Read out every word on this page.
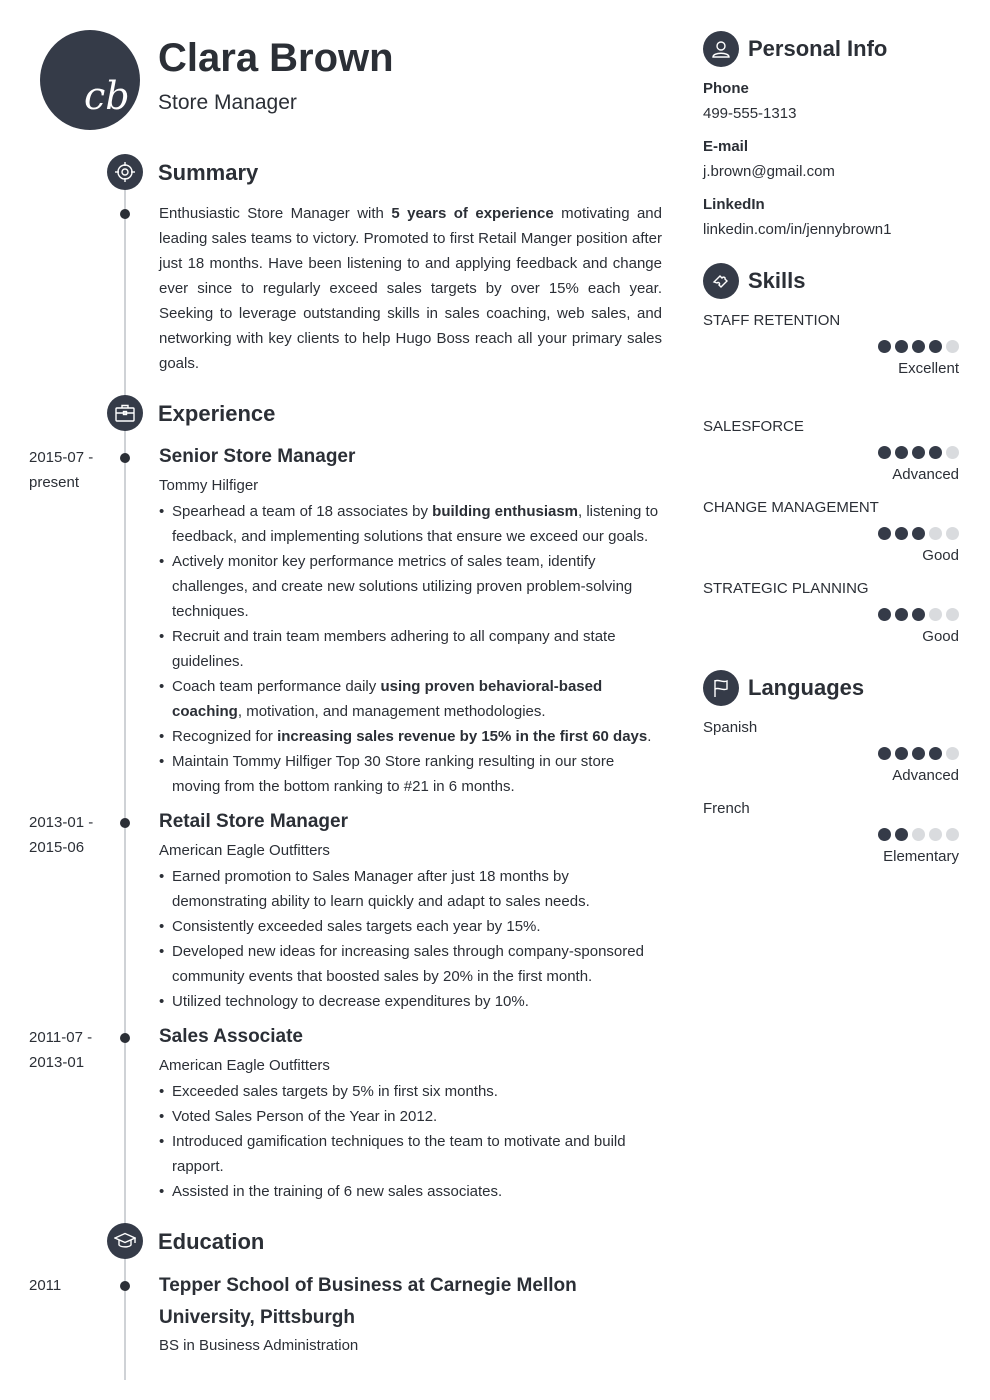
cb
Clara Brown
Store Manager
Summary
Enthusiastic Store Manager with 5 years of experience motivating and leading sales teams to victory. Promoted to first Retail Manger position after just 18 months. Have been listening to and applying feedback and change ever since to regularly exceed sales targets by over 15% each year. Seeking to leverage outstanding skills in sales coaching, web sales, and networking with key clients to help Hugo Boss reach all your primary sales goals.
Experience
2015-07 - present
Senior Store Manager
Tommy Hilfiger
• Spearhead a team of 18 associates by building enthusiasm, listening to feedback, and implementing solutions that ensure we exceed our goals.
• Actively monitor key performance metrics of sales team, identify challenges, and create new solutions utilizing proven problem-solving techniques.
• Recruit and train team members adhering to all company and state guidelines.
• Coach team performance daily using proven behavioral-based coaching, motivation, and management methodologies.
• Recognized for increasing sales revenue by 15% in the first 60 days.
• Maintain Tommy Hilfiger Top 30 Store ranking resulting in our store moving from the bottom ranking to #21 in 6 months.
2013-01 - 2015-06
Retail Store Manager
American Eagle Outfitters
• Earned promotion to Sales Manager after just 18 months by demonstrating ability to learn quickly and adapt to sales needs.
• Consistently exceeded sales targets each year by 15%.
• Developed new ideas for increasing sales through company-sponsored community events that boosted sales by 20% in the first month.
• Utilized technology to decrease expenditures by 10%.
2011-07 - 2013-01
Sales Associate
American Eagle Outfitters
• Exceeded sales targets by 5% in first six months.
• Voted Sales Person of the Year in 2012.
• Introduced gamification techniques to the team to motivate and build rapport.
• Assisted in the training of 6 new sales associates.
Education
2011	Tepper School of Business at Carnegie Mellon University, Pittsburgh
BS in Business Administration
Personal Info
Phone
499-555-1313
E-mail
j.brown@gmail.com
LinkedIn
linkedin.com/in/jennybrown1
Skills
STAFF RETENTION
Excellent
SALESFORCE
Advanced
CHANGE MANAGEMENT
Good
STRATEGIC PLANNING
Good
Languages
Spanish
Advanced
French
Elementary
